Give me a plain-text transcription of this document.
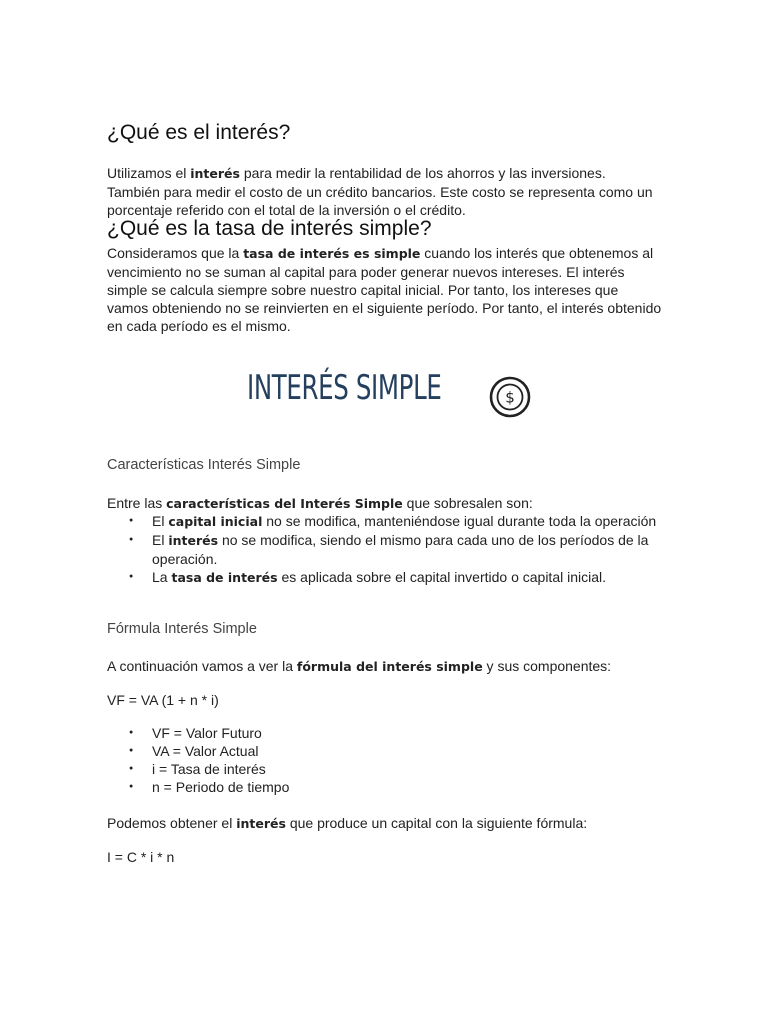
¿Qué es el interés?
Utilizamos el interés para medir la rentabilidad de los ahorros y las inversiones. También para medir el costo de un crédito bancarios. Este costo se representa como un porcentaje referido con el total de la inversión o el crédito.
¿Qué es la tasa de interés simple?
Consideramos que la tasa de interés es simple cuando los interés que obtenemos al vencimiento no se suman al capital para poder generar nuevos intereses. El interés simple se calcula siempre sobre nuestro capital inicial. Por tanto, los intereses que vamos obteniendo no se reinvierten en el siguiente período. Por tanto, el interés obtenido en cada período es el mismo.
Características Interés Simple
Entre las características del Interés Simple que sobresalen son:
● El capital inicial no se modifica, manteniéndose igual durante toda la operación
● El interés no se modifica, siendo el mismo para cada uno de los períodos de la operación.
● La tasa de interés es aplicada sobre el capital invertido o capital inicial.
Fórmula Interés Simple
A continuación vamos a ver la fórmula del interés simple y sus componentes:
VF = VA (1 + n * i)
● VF = Valor Futuro
● VA = Valor Actual
● i = Tasa de interés
● n = Periodo de tiempo
Podemos obtener el interés que produce un capital con la siguiente fórmula:
I = C * i * n
INTERÉS SIMPLE	$
